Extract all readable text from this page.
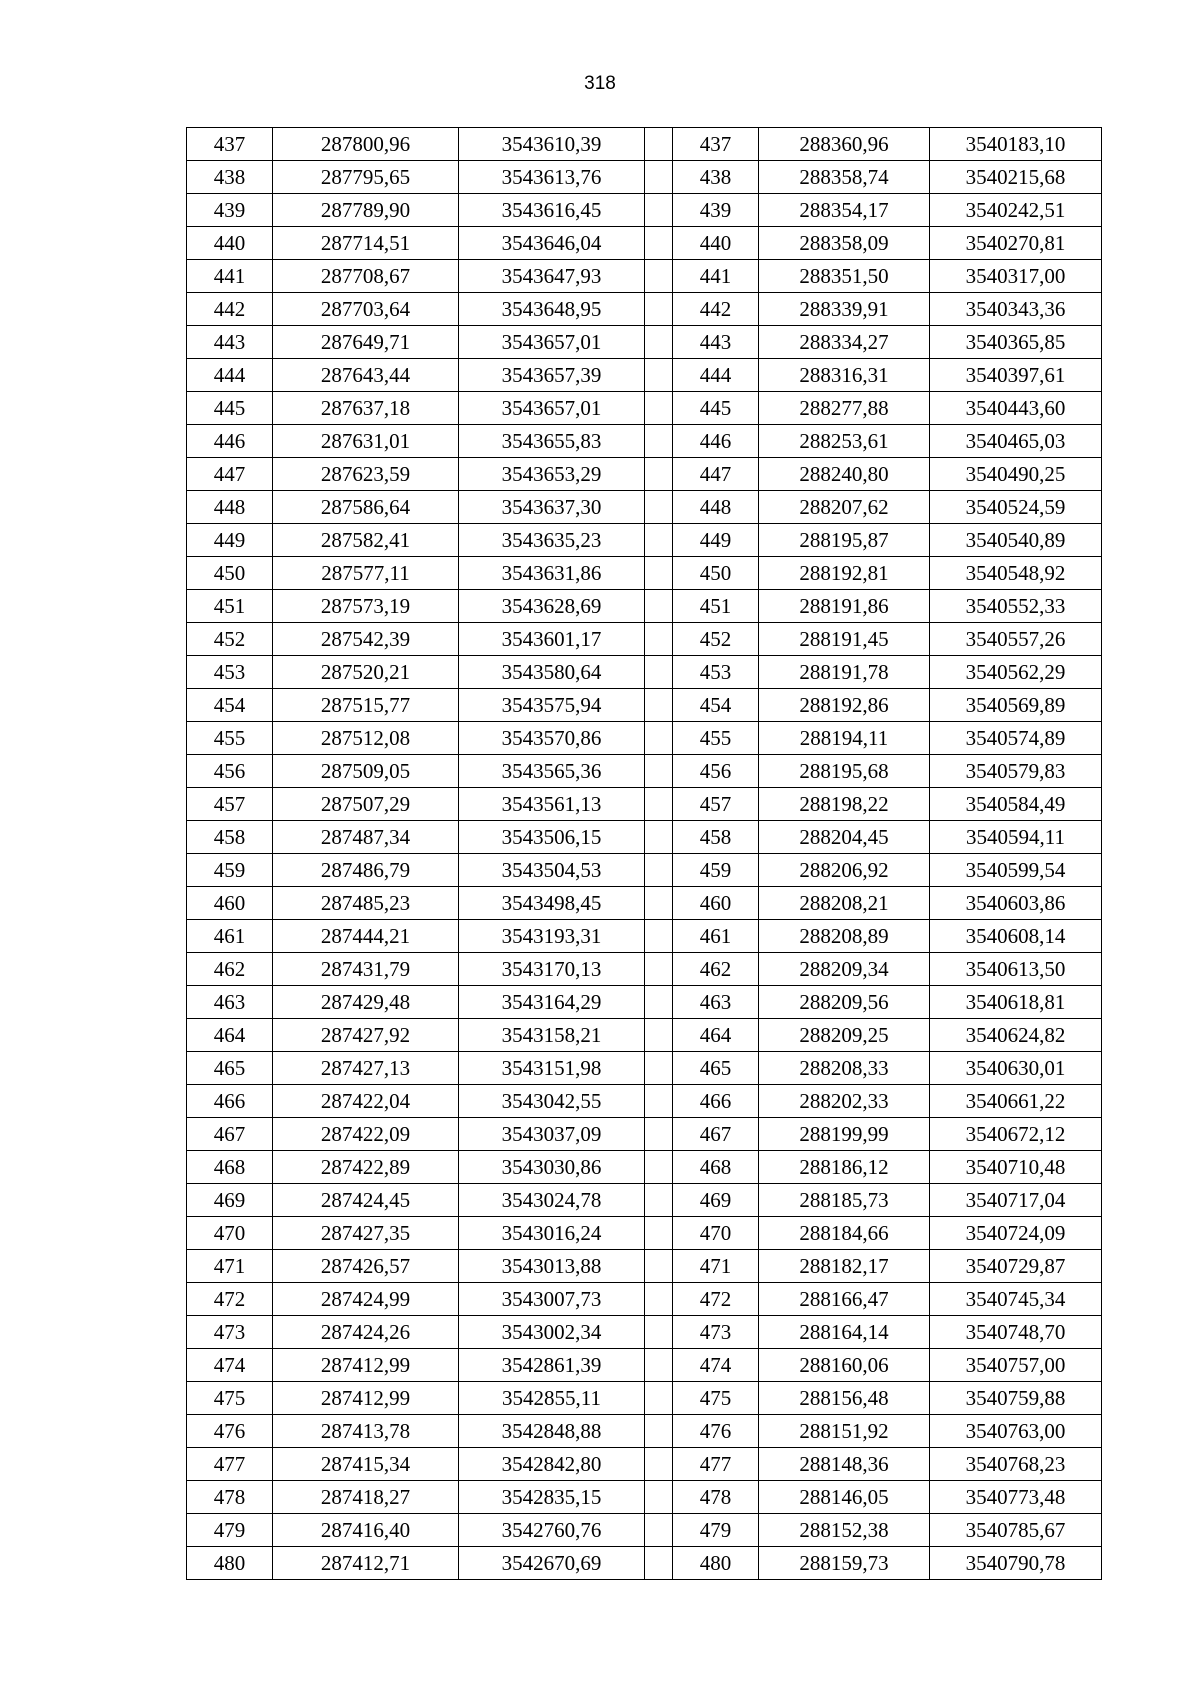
318
437	287800,96	3543610,39		437	288360,96	3540183,10
438	287795,65	3543613,76		438	288358,74	3540215,68
439	287789,90	3543616,45		439	288354,17	3540242,51
440	287714,51	3543646,04		440	288358,09	3540270,81
441	287708,67	3543647,93		441	288351,50	3540317,00
442	287703,64	3543648,95		442	288339,91	3540343,36
443	287649,71	3543657,01		443	288334,27	3540365,85
444	287643,44	3543657,39		444	288316,31	3540397,61
445	287637,18	3543657,01		445	288277,88	3540443,60
446	287631,01	3543655,83		446	288253,61	3540465,03
447	287623,59	3543653,29		447	288240,80	3540490,25
448	287586,64	3543637,30		448	288207,62	3540524,59
449	287582,41	3543635,23		449	288195,87	3540540,89
450	287577,11	3543631,86		450	288192,81	3540548,92
451	287573,19	3543628,69		451	288191,86	3540552,33
452	287542,39	3543601,17		452	288191,45	3540557,26
453	287520,21	3543580,64		453	288191,78	3540562,29
454	287515,77	3543575,94		454	288192,86	3540569,89
455	287512,08	3543570,86		455	288194,11	3540574,89
456	287509,05	3543565,36		456	288195,68	3540579,83
457	287507,29	3543561,13		457	288198,22	3540584,49
458	287487,34	3543506,15		458	288204,45	3540594,11
459	287486,79	3543504,53		459	288206,92	3540599,54
460	287485,23	3543498,45		460	288208,21	3540603,86
461	287444,21	3543193,31		461	288208,89	3540608,14
462	287431,79	3543170,13		462	288209,34	3540613,50
463	287429,48	3543164,29		463	288209,56	3540618,81
464	287427,92	3543158,21		464	288209,25	3540624,82
465	287427,13	3543151,98		465	288208,33	3540630,01
466	287422,04	3543042,55		466	288202,33	3540661,22
467	287422,09	3543037,09		467	288199,99	3540672,12
468	287422,89	3543030,86		468	288186,12	3540710,48
469	287424,45	3543024,78		469	288185,73	3540717,04
470	287427,35	3543016,24		470	288184,66	3540724,09
471	287426,57	3543013,88		471	288182,17	3540729,87
472	287424,99	3543007,73		472	288166,47	3540745,34
473	287424,26	3543002,34		473	288164,14	3540748,70
474	287412,99	3542861,39		474	288160,06	3540757,00
475	287412,99	3542855,11		475	288156,48	3540759,88
476	287413,78	3542848,88		476	288151,92	3540763,00
477	287415,34	3542842,80		477	288148,36	3540768,23
478	287418,27	3542835,15		478	288146,05	3540773,48
479	287416,40	3542760,76		479	288152,38	3540785,67
480	287412,71	3542670,69		480	288159,73	3540790,78
